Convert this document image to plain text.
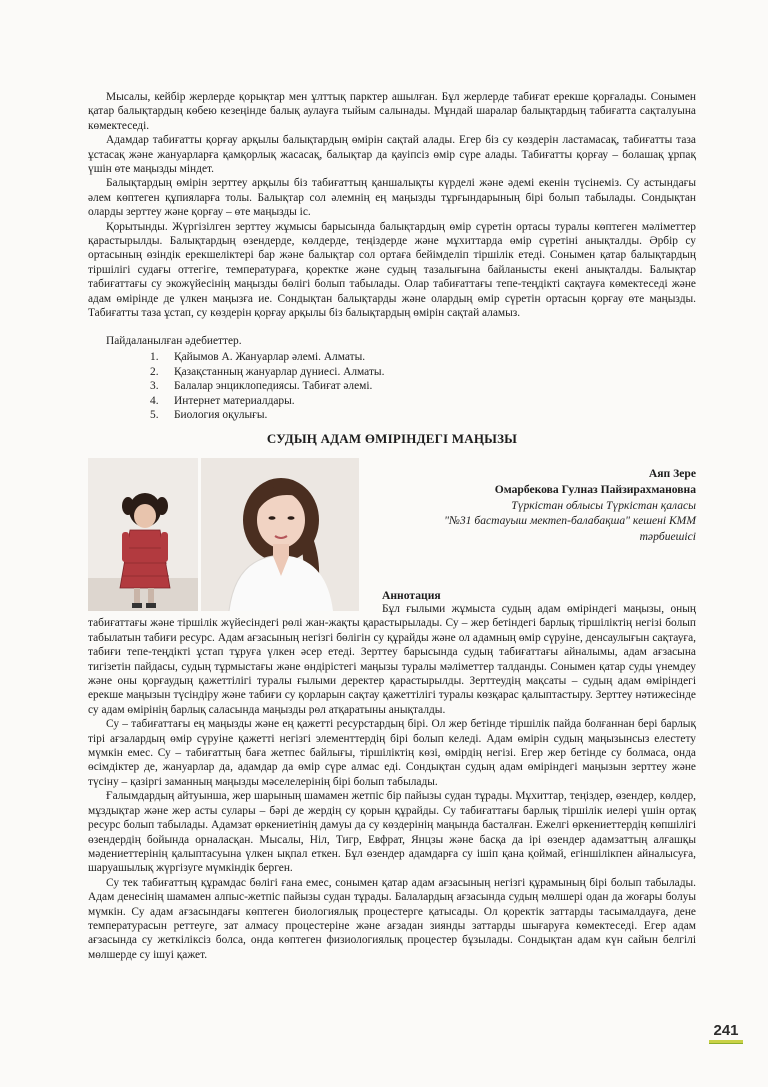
Мысалы, кейбір жерлерде қорықтар мен ұлттық парктер ашылған. Бұл жерлерде табиғат ерекше қорғалады. Сонымен қатар балықтардың көбею кезеңінде балық аулауға тыйым салынады. Мұндай шаралар балықтардың табиғатта сақталуына көмектеседі.

Адамдар табиғатты қорғау арқылы балықтардың өмірін сақтай алады. Егер біз су көздерін ластамасақ, табиғатты таза ұстасақ және жануарларға қамқорлық жасасақ, балықтар да қауіпсіз өмір сүре алады. Табиғатты қорғау – болашақ ұрпақ үшін өте маңызды міндет.

Балықтардың өмірін зерттеу арқылы біз табиғаттың қаншалықты күрделі және әдемі екенін түсінеміз. Су астындағы әлем көптеген құпияларға толы. Балықтар сол әлемнің ең маңызды тұрғындарының бірі болып табылады. Сондықтан оларды зерттеу және қорғау – өте маңызды іс.

Қорытынды. Жүргізілген зерттеу жұмысы барысында балықтардың өмір сүретін ортасы туралы көптеген мәліметтер қарастырылды. Балықтардың өзендерде, көлдерде, теңіздерде және мұхиттарда өмір сүретіні анықталды. Әрбір су ортасының өзіндік ерекшеліктері бар және балықтар сол ортаға бейімделіп тіршілік етеді. Сонымен қатар балықтардың тіршілігі судағы оттегіге, температураға, қоректке және судың тазалығына байланысты екені анықталды. Балықтар табиғаттағы су экожүйесінің маңызды бөлігі болып табылады. Олар табиғаттағы тепе-теңдікті сақтауға көмектеседі және адам өмірінде де үлкен маңызға ие. Сондықтан балықтарды және олардың өмір сүретін ортасын қорғау өте маңызды. Табиғатты таза ұстап, су көздерін қорғау арқылы біз балықтардың өмірін сақтай аламыз.

Пайдаланылған әдебиеттер.
1.	Қайымов А. Жануарлар әлемі. Алматы.
2.	Қазақстанның жануарлар дүниесі. Алматы.
3.	Балалар энциклопедиясы. Табиғат әлемі.
4.	Интернет материалдары.
5.	Биология оқулығы.
СУДЫҢ АДАМ ӨМІРІНДЕГІ МАҢЫЗЫ
Аяп Зере
Омарбекова Гулназ Пайзирахмановна
Түркістан облысы Түркістан қаласы
"№31 бастауыш мектеп-балабақша" кешені КММ
тәрбиешісі
Аннотация

Бұл ғылыми жұмыста судың адам өміріндегі маңызы, оның табиғаттағы және тіршілік жүйесіндегі рөлі жан-жақты қарастырылады. Су – жер бетіндегі барлық тіршіліктің негізі болып табылатын табиғи ресурс. Адам ағзасының негізгі бөлігін су құрайды және ол адамның өмір сүруіне, денсаулығын сақтауға, табиғи тепе-теңдікті ұстап тұруға үлкен әсер етеді. Зерттеу барысында судың табиғаттағы айналымы, адам ағзасына тигізетін пайдасы, судың тұрмыстағы және өндірістегі маңызы туралы мәліметтер талданды. Сонымен қатар суды үнемдеу және оны қорғаудың қажеттілігі туралы ғылыми деректер қарастырылды. Зерттеудің мақсаты – судың адам өміріндегі ерекше маңызын түсіндіру және табиғи су қорларын сақтау қажеттілігі туралы көзқарас қалыптастыру. Зерттеу нәтижесінде су адам өмірінің барлық саласында маңызды рөл атқаратыны анықталды.

Су – табиғаттағы ең маңызды және ең қажетті ресурстардың бірі. Ол жер бетінде тіршілік пайда болғаннан бері барлық тірі ағзалардың өмір сүруіне қажетті негізгі элементтердің бірі болып келеді. Адам өмірін судың маңызынсыз елестету мүмкін емес. Су – табиғаттың баға жетпес байлығы, тіршіліктің көзі, өмірдің негізі. Егер жер бетінде су болмаса, онда өсімдіктер де, жануарлар да, адамдар да өмір сүре алмас еді. Сондықтан судың адам өміріндегі маңызын зерттеу және түсіну – қазіргі заманның маңызды мәселелерінің бірі болып табылады.

Ғалымдардың айтуынша, жер шарының шамамен жетпіс бір пайызы судан тұрады. Мұхиттар, теңіздер, өзендер, көлдер, мұздықтар және жер асты сулары – бәрі де жердің су қорын құрайды. Су табиғаттағы барлық тіршілік иелері үшін ортақ ресурс болып табылады. Адамзат өркениетінің дамуы да су көздерінің маңында басталған. Ежелгі өркениеттердің көпшілігі өзендердің бойында орналасқан. Мысалы, Ніл, Тигр, Евфрат, Янцзы және басқа да ірі өзендер адамзаттың алғашқы мәдениеттерінің қалыптасуына үлкен ықпал еткен. Бұл өзендер адамдарға су ішіп қана қоймай, егіншілікпен айналысуға, шаруашылық жүргізуге мүмкіндік берген.

Су тек табиғаттың құрамдас бөлігі ғана емес, сонымен қатар адам ағзасының негізгі құрамының бірі болып табылады. Адам денесінің шамамен алпыс-жетпіс пайызы судан тұрады. Балалардың ағзасында судың мөлшері одан да жоғары болуы мүмкін. Су адам ағзасындағы көптеген биологиялық процестерге қатысады. Ол қоректік заттарды тасымалдауға, дене температурасын реттеуге, зат алмасу процестеріне және ағзадан зиянды заттарды шығаруға көмектеседі. Егер адам ағзасында су жеткіліксіз болса, онда көптеген физиологиялық процестер бұзылады. Сондықтан адам күн сайын белгілі мөлшерде су ішуі қажет.

241
